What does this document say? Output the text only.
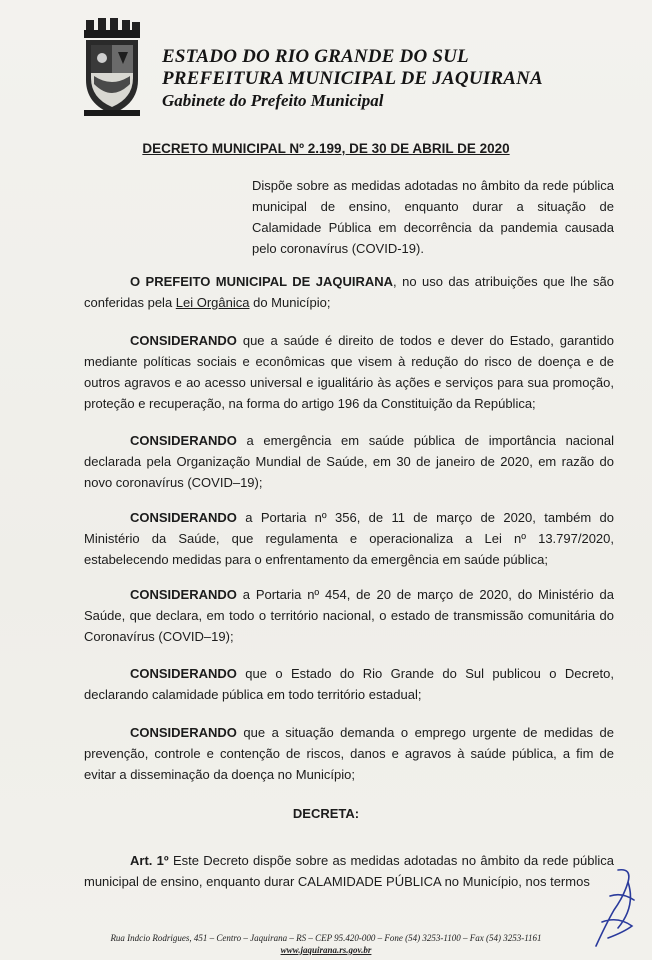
ESTADO DO RIO GRANDE DO SUL
PREFEITURA MUNICIPAL DE JAQUIRANA
Gabinete do Prefeito Municipal
DECRETO MUNICIPAL Nº 2.199, DE 30 DE ABRIL DE 2020
Dispõe sobre as medidas adotadas no âmbito da rede pública municipal de ensino, enquanto durar a situação de Calamidade Pública em decorrência da pandemia causada pelo coronavírus (COVID-19).
O PREFEITO MUNICIPAL DE JAQUIRANA, no uso das atribuições que lhe são conferidas pela Lei Orgânica do Município;
CONSIDERANDO que a saúde é direito de todos e dever do Estado, garantido mediante políticas sociais e econômicas que visem à redução do risco de doença e de outros agravos e ao acesso universal e igualitário às ações e serviços para sua promoção, proteção e recuperação, na forma do artigo 196 da Constituição da República;
CONSIDERANDO a emergência em saúde pública de importância nacional declarada pela Organização Mundial de Saúde, em 30 de janeiro de 2020, em razão do novo coronavírus (COVID–19);
CONSIDERANDO a Portaria nº 356, de 11 de março de 2020, também do Ministério da Saúde, que regulamenta e operacionaliza a Lei nº 13.797/2020, estabelecendo medidas para o enfrentamento da emergência em saúde pública;
CONSIDERANDO a Portaria nº 454, de 20 de março de 2020, do Ministério da Saúde, que declara, em todo o território nacional, o estado de transmissão comunitária do Coronavírus (COVID–19);
CONSIDERANDO que o Estado do Rio Grande do Sul publicou o Decreto, declarando calamidade pública em todo território estadual;
CONSIDERANDO que a situação demanda o emprego urgente de medidas de prevenção, controle e contenção de riscos, danos e agravos à saúde pública, a fim de evitar a disseminação da doença no Município;
DECRETA:
Art. 1º Este Decreto dispõe sobre as medidas adotadas no âmbito da rede pública municipal de ensino, enquanto durar CALAMIDADE PÚBLICA no Município, nos termos
Rua Indcio Rodrigues, 451 – Centro – Jaquirana – RS – CEP 95.420-000 – Fone (54) 3253-1100 – Fax (54) 3253-1161
www.jaquirana.rs.gov.br
